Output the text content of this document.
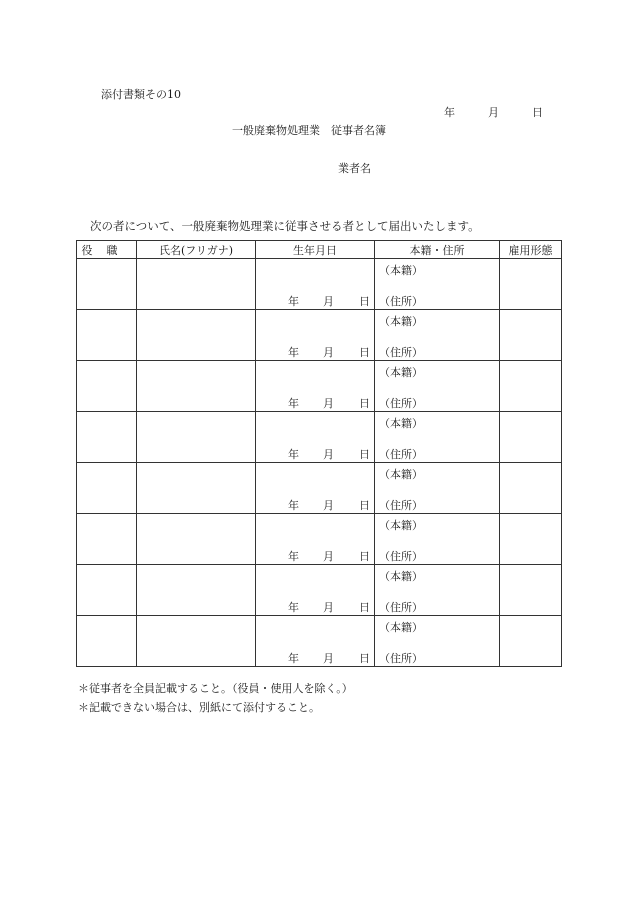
添付書類その10
年	月	日
一般廃棄物処理業　従事者名簿
業者名
次の者について、一般廃棄物処理業に従事させる者として届出いたします。
役職	氏名(フリガナ)	生年月日	本籍・住所	雇用形態

		年 月 日	（本籍）
（住所）	

		年 月 日	（本籍）
（住所）	

		年 月 日	（本籍）
（住所）	

		年 月 日	（本籍）
（住所）	

		年 月 日	（本籍）
（住所）	

		年 月 日	（本籍）
（住所）	

		年 月 日	（本籍）
（住所）	

		年 月 日	（本籍）
（住所）	

＊従事者を全員記載すること。（役員・使用人を除く。）
＊記載できない場合は、別紙にて添付すること。
